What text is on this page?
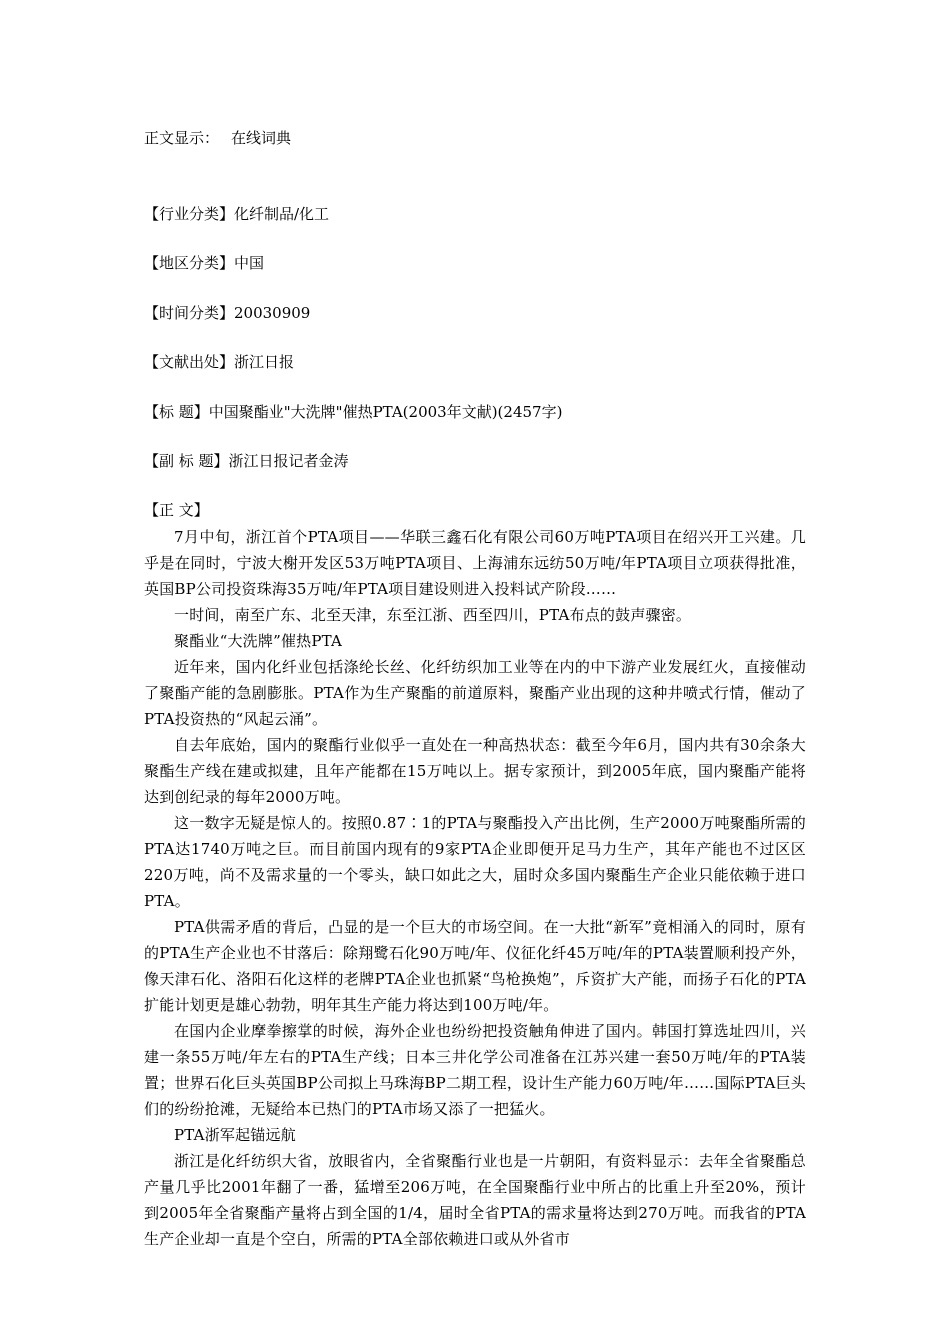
正文显示： 在线词典
【行业分类】化纤制品/化工
【地区分类】中国
【时间分类】20030909
【文献出处】浙江日报
【标 题】中国聚酯业"大洗牌"催热PTA(2003年文献)(2457字)
【副 标 题】浙江日报记者金涛
【正 文】

7月中旬，浙江首个PTA项目——华联三鑫石化有限公司60万吨PTA项目在绍兴开工兴建。几乎是在同时，宁波大榭开发区53万吨PTA项目、上海浦东远纺50万吨/年PTA项目立项获得批准，英国BP公司投资珠海35万吨/年PTA项目建设则进入投料试产阶段……

一时间，南至广东、北至天津，东至江浙、西至四川，PTA布点的鼓声骤密。

聚酯业“大洗牌”催热PTA

近年来，国内化纤业包括涤纶长丝、化纤纺织加工业等在内的中下游产业发展红火，直接催动了聚酯产能的急剧膨胀。PTA作为生产聚酯的前道原料，聚酯产业出现的这种井喷式行情，催动了PTA投资热的“风起云涌”。

自去年底始，国内的聚酯行业似乎一直处在一种高热状态：截至今年6月，国内共有30余条大聚酯生产线在建或拟建，且年产能都在15万吨以上。据专家预计，到2005年底，国内聚酯产能将达到创纪录的每年2000万吨。

这一数字无疑是惊人的。按照0.87∶1的PTA与聚酯投入产出比例，生产2000万吨聚酯所需的PTA达1740万吨之巨。而目前国内现有的9家PTA企业即便开足马力生产，其年产能也不过区区220万吨，尚不及需求量的一个零头，缺口如此之大，届时众多国内聚酯生产企业只能依赖于进口PTA。

PTA供需矛盾的背后，凸显的是一个巨大的市场空间。在一大批“新军”竟相涌入的同时，原有的PTA生产企业也不甘落后：除翔鹭石化90万吨/年、仪征化纤45万吨/年的PTA装置顺利投产外，像天津石化、洛阳石化这样的老牌PTA企业也抓紧“鸟枪换炮”，斥资扩大产能，而扬子石化的PTA扩能计划更是雄心勃勃，明年其生产能力将达到100万吨/年。

在国内企业摩拳擦掌的时候，海外企业也纷纷把投资触角伸进了国内。韩国打算选址四川，兴建一条55万吨/年左右的PTA生产线；日本三井化学公司准备在江苏兴建一套50万吨/年的PTA装置；世界石化巨头英国BP公司拟上马珠海BP二期工程，设计生产能力60万吨/年……国际PTA巨头们的纷纷抢滩，无疑给本已热门的PTA市场又添了一把猛火。

PTA浙军起锚远航

浙江是化纤纺织大省，放眼省内，全省聚酯行业也是一片朝阳，有资料显示：去年全省聚酯总产量几乎比2001年翻了一番，猛增至206万吨，在全国聚酯行业中所占的比重上升至20%，预计到2005年全省聚酯产量将占到全国的1/4，届时全省PTA的需求量将达到270万吨。而我省的PTA生产企业却一直是个空白，所需的PTA全部依赖进口或从外省市
